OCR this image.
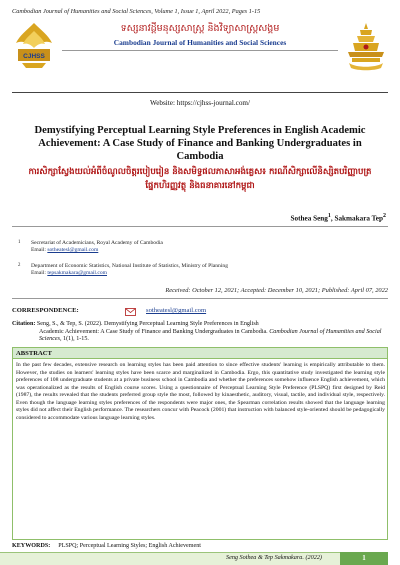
Cambodian Journal of Humanities and Social Sciences, Volume 1, Issue 1, April 2022, Pages 1-15
CJHSS
ទស្សនាវដ្ដីមនុស្សសាស្ត្រ និងវិទ្យាសាស្ត្រសង្គម
Cambodian Journal of Humanities and Social Sciences
Website: https://cjhss-journal.com/
Demystifying Perceptual Learning Style Preferences in English Academic Achievement: A Case Study of Finance and Banking Undergraduates in Cambodia
ការសិក្សាស្វែងយល់អំពីចំណូលចិត្តរបៀបរៀន និងសមិទ្ធផលភាសាអង់គ្លេស៖ ករណីសិក្សាលើនិស្សិតបរិញ្ញាបត្រផ្នែកហិរញ្ញវត្ថុ និងធនាគារនៅកម្ពុជា
Sothea Seng$^1$, Sakmakara Tep$^2$
1 Secretariat of Academicians, Royal Academy of Cambodia
Email: sotheatesl@gmail.com
2 Department of Economic Statistics, National Institute of Statistics, Ministry of Planning
Email: tepsakmakara@gmail.com
Received: October 12, 2021; Accepted: December 10, 2021; Published: April 07, 2022
CORRESPONDENCE:	sotheatesl@gmail.com
Citation: Seng, S., & Tep, S. (2022). Demystifying Perceptual Learning Style Preferences in English
Academic Achievement: A Case Study of Finance and Banking Undergraduates in Cambodia. Cambodian Journal of Humanities and Social Sciences, 1(1), 1-15.
ABSTRACT
In the past few decades, extensive research on learning styles has been paid attention to since effective students' learning is empirically attributable to them. However, the studies on learners' learning styles have been scarce and marginalized in Cambodia. Ergo, this quantitative study investigated the learning style preferences of 108 undergraduate students at a private business school in Cambodia and whether the preferences somehow influence English achievement, which was operationalized as the results of English course scores. Using a questionnaire of Perceptual Learning Style Preference (PLSPQ) first designed by Reid (1987), the results revealed that the students preferred group style the most, followed by kinaesthetic, auditory, visual, tactile, and individual style, respectively. Even though the language learning styles preferences of the respondents were major ones, the Spearman correlation results showed that the language learning styles did not affect their English performance. The researchers concur with Peacock (2001) that instruction with balanced style-oriented should be pedagogically considered to accommodate various language learning styles.
KEYWORDS: PLSPQ; Perceptual Learning Styles; English Achievement
Seng Sothea & Tep Sakmakara. (2022)	1
